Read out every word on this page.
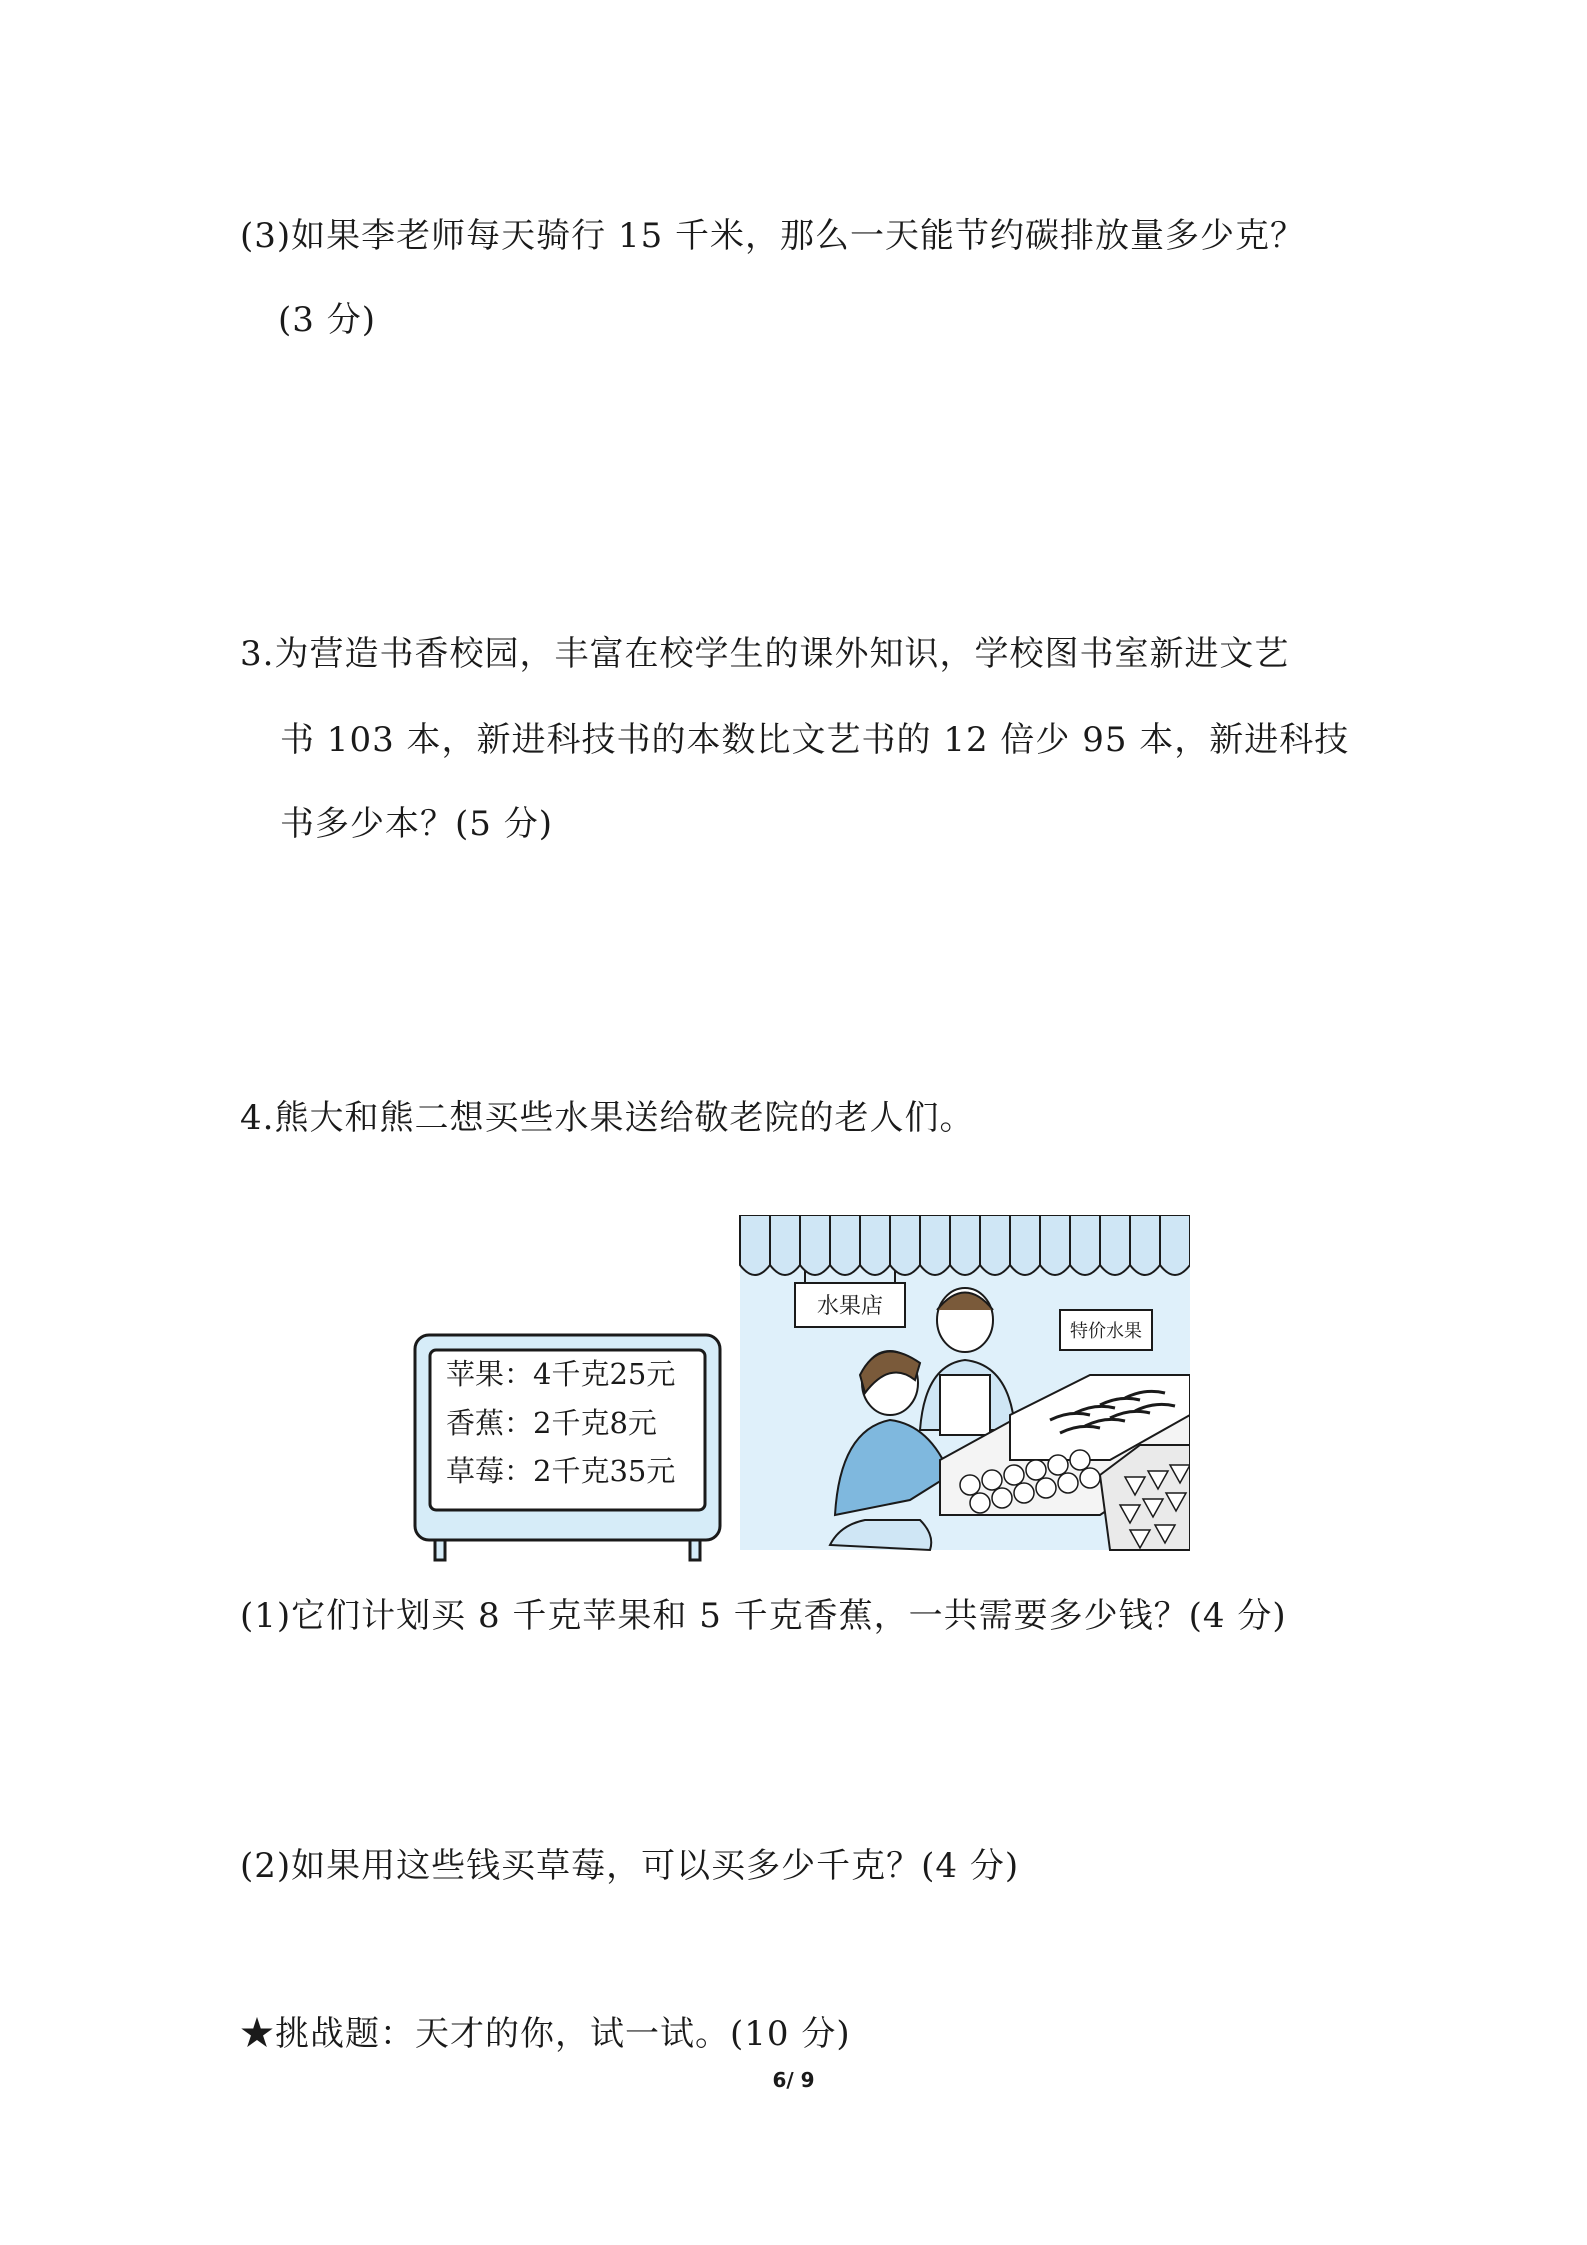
(3)如果李老师每天骑行 15 千米，那么一天能节约碳排放量多少克？
(3 分)
3.为营造书香校园，丰富在校学生的课外知识，学校图书室新进文艺
书 103 本，新进科技书的本数比文艺书的 12 倍少 95 本，新进科技
书多少本？(5 分)
4.熊大和熊二想买些水果送给敬老院的老人们。
水果店
特价水果
苹果：4千克25元
香蕉：2千克8元
草莓：2千克35元
(1)它们计划买 8 千克苹果和 5 千克香蕉，一共需要多少钱？(4 分)
(2)如果用这些钱买草莓，可以买多少千克？(4 分)
★挑战题：天才的你，试一试。(10 分)
6/ 9
